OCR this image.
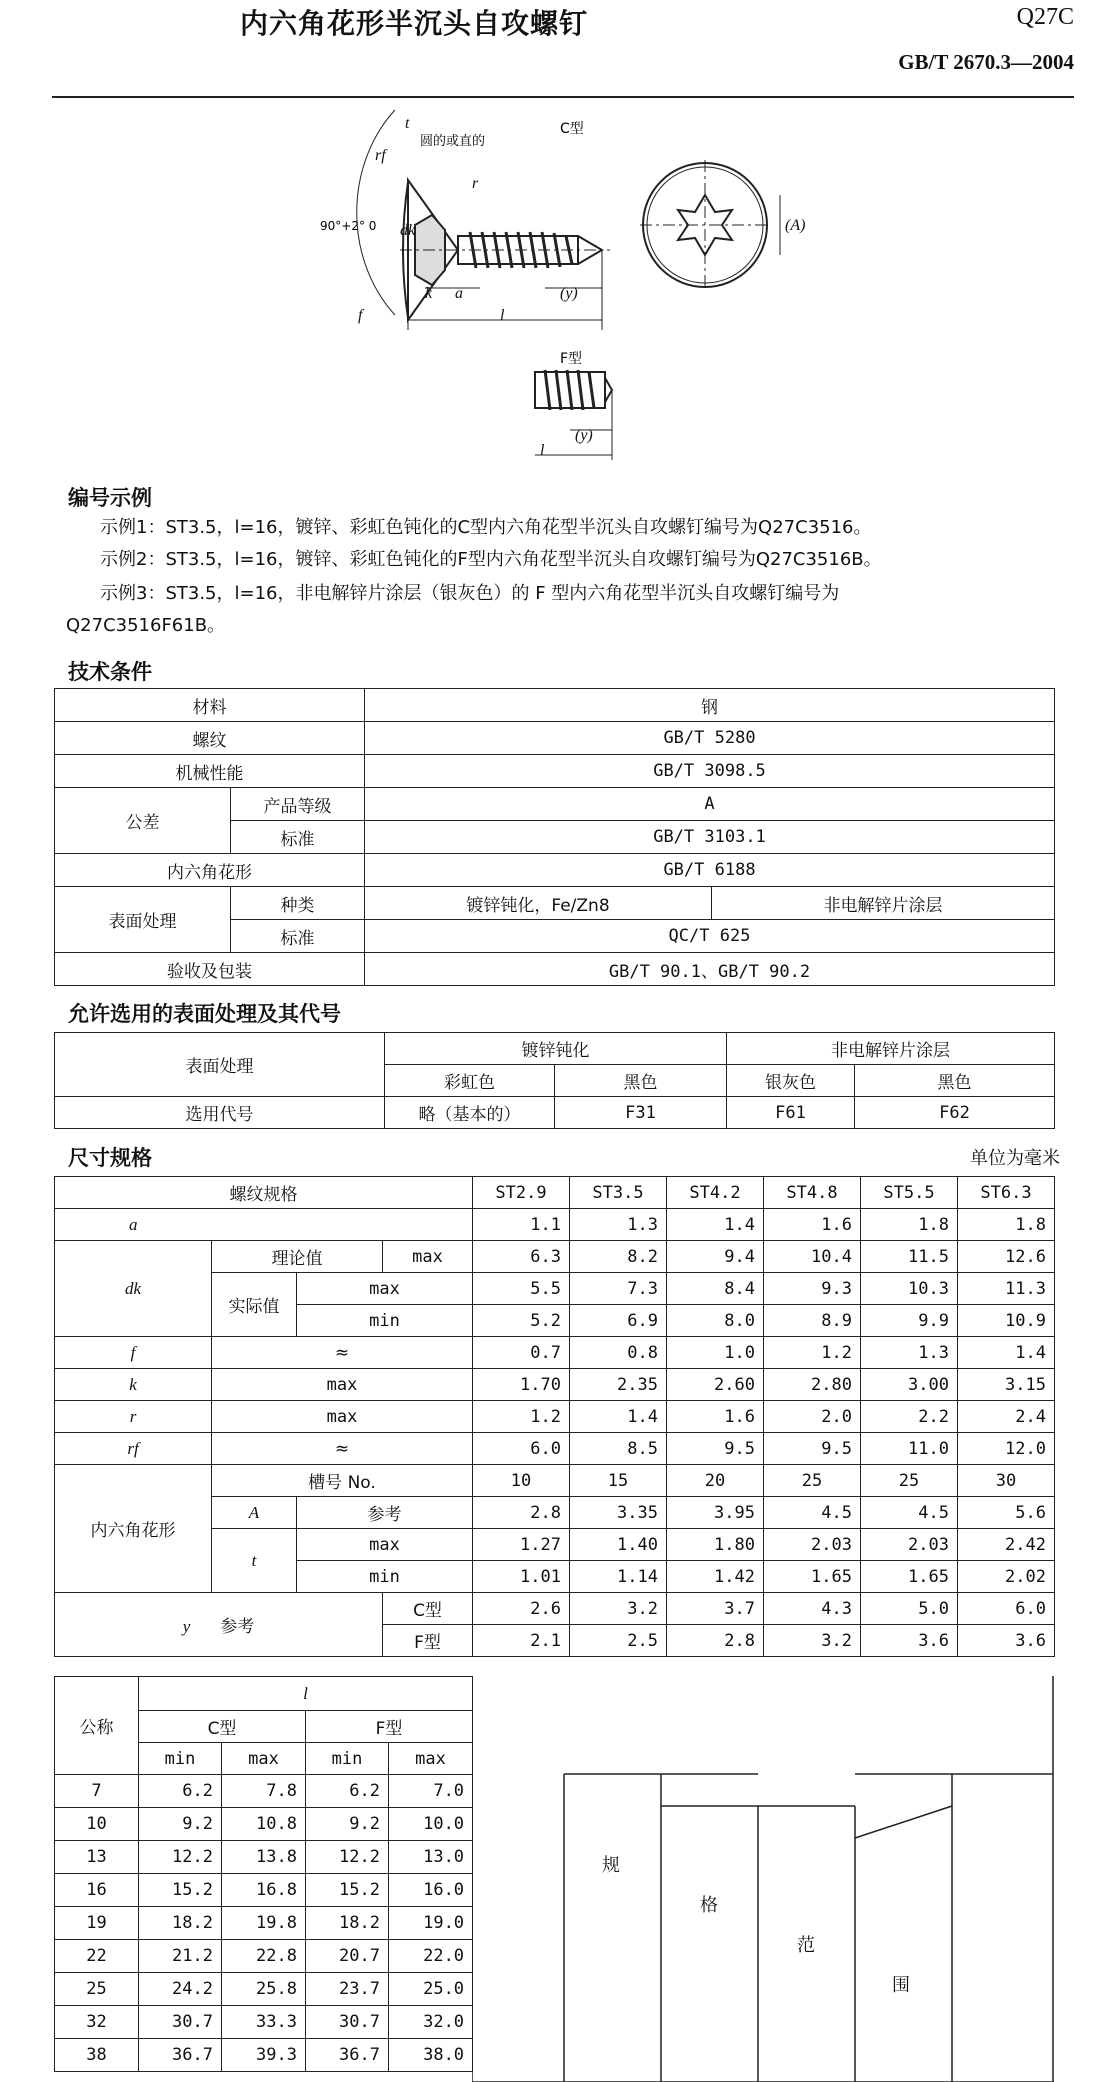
内六角花形半沉头自攻螺钉	Q27C
GB/T 2670.3—2004
t
rf
r
dk
k a
l
(y)
f
(A)
(y)
l
圆的或直的
90°+2° 0
C型
F型
编号示例
示例1：ST3.5，l=16，镀锌、彩虹色钝化的C型内六角花型半沉头自攻螺钉编号为Q27C3516。
示例2：ST3.5，l=16，镀锌、彩虹色钝化的F型内六角花型半沉头自攻螺钉编号为Q27C3516B。
示例3：ST3.5，l=16，非电解锌片涂层（银灰色）的 F 型内六角花型半沉头自攻螺钉编号为
Q27C3516F61B。
技术条件
材料		钢	
螺纹		GB/T 5280	
机械性能		GB/T 3098.5	
公差	产品等级	A	
	标准	GB/T 3103.1	
内六角花形		GB/T 6188	
表面处理	种类	镀锌钝化，Fe/Zn8	非电解锌片涂层
	标准	QC/T 625	
验收及包装		GB/T 90.1、GB/T 90.2	
允许选用的表面处理及其代号
表面处理	镀锌钝化		非电解锌片涂层	
	彩虹色	黑色	银灰色	黑色
选用代号	略（基本的）	F31	F61	F62
尺寸规格	单位为毫米
螺纹规格				ST2.9	ST3.5	ST4.2	ST4.8	ST5.5	ST6.3
a				1.1	1.3	1.4	1.6	1.8	1.8
dk	理论值		max	6.3	8.2	9.4	10.4	11.5	12.6
	实际值	max		5.5	7.3	8.4	9.3	10.3	11.3
		min		5.2	6.9	8.0	8.9	9.9	10.9
f	≈			0.7	0.8	1.0	1.2	1.3	1.4
k	max			1.70	2.35	2.60	2.80	3.00	3.15
r	max			1.2	1.4	1.6	2.0	2.2	2.4
rf	≈			6.0	8.5	9.5	9.5	11.0	12.0
内六角花形	槽号 No.			10	15	20	25	25	30
	A	参考		2.8	3.35	3.95	4.5	4.5	5.6
	t	max		1.27	1.40	1.80	2.03	2.03	2.42
		min		1.01	1.14	1.42	1.65	1.65	2.02
y 参考			C型	2.6	3.2	3.7	4.3	5.0	6.0
			F型	2.1	2.5	2.8	3.2	3.6	3.6
公称	l			
	C型		F型	
	min	max	min	max
7	6.2	7.8	6.2	7.0
10	9.2	10.8	9.2	10.0
13	12.2	13.8	12.2	13.0
16	15.2	16.8	15.2	16.0
19	18.2	19.8	18.2	19.0
22	21.2	22.8	20.7	22.0
25	24.2	25.8	23.7	25.0
32	30.7	33.3	30.7	32.0
38	36.7	39.3	36.7	38.0
规
格
范
围
